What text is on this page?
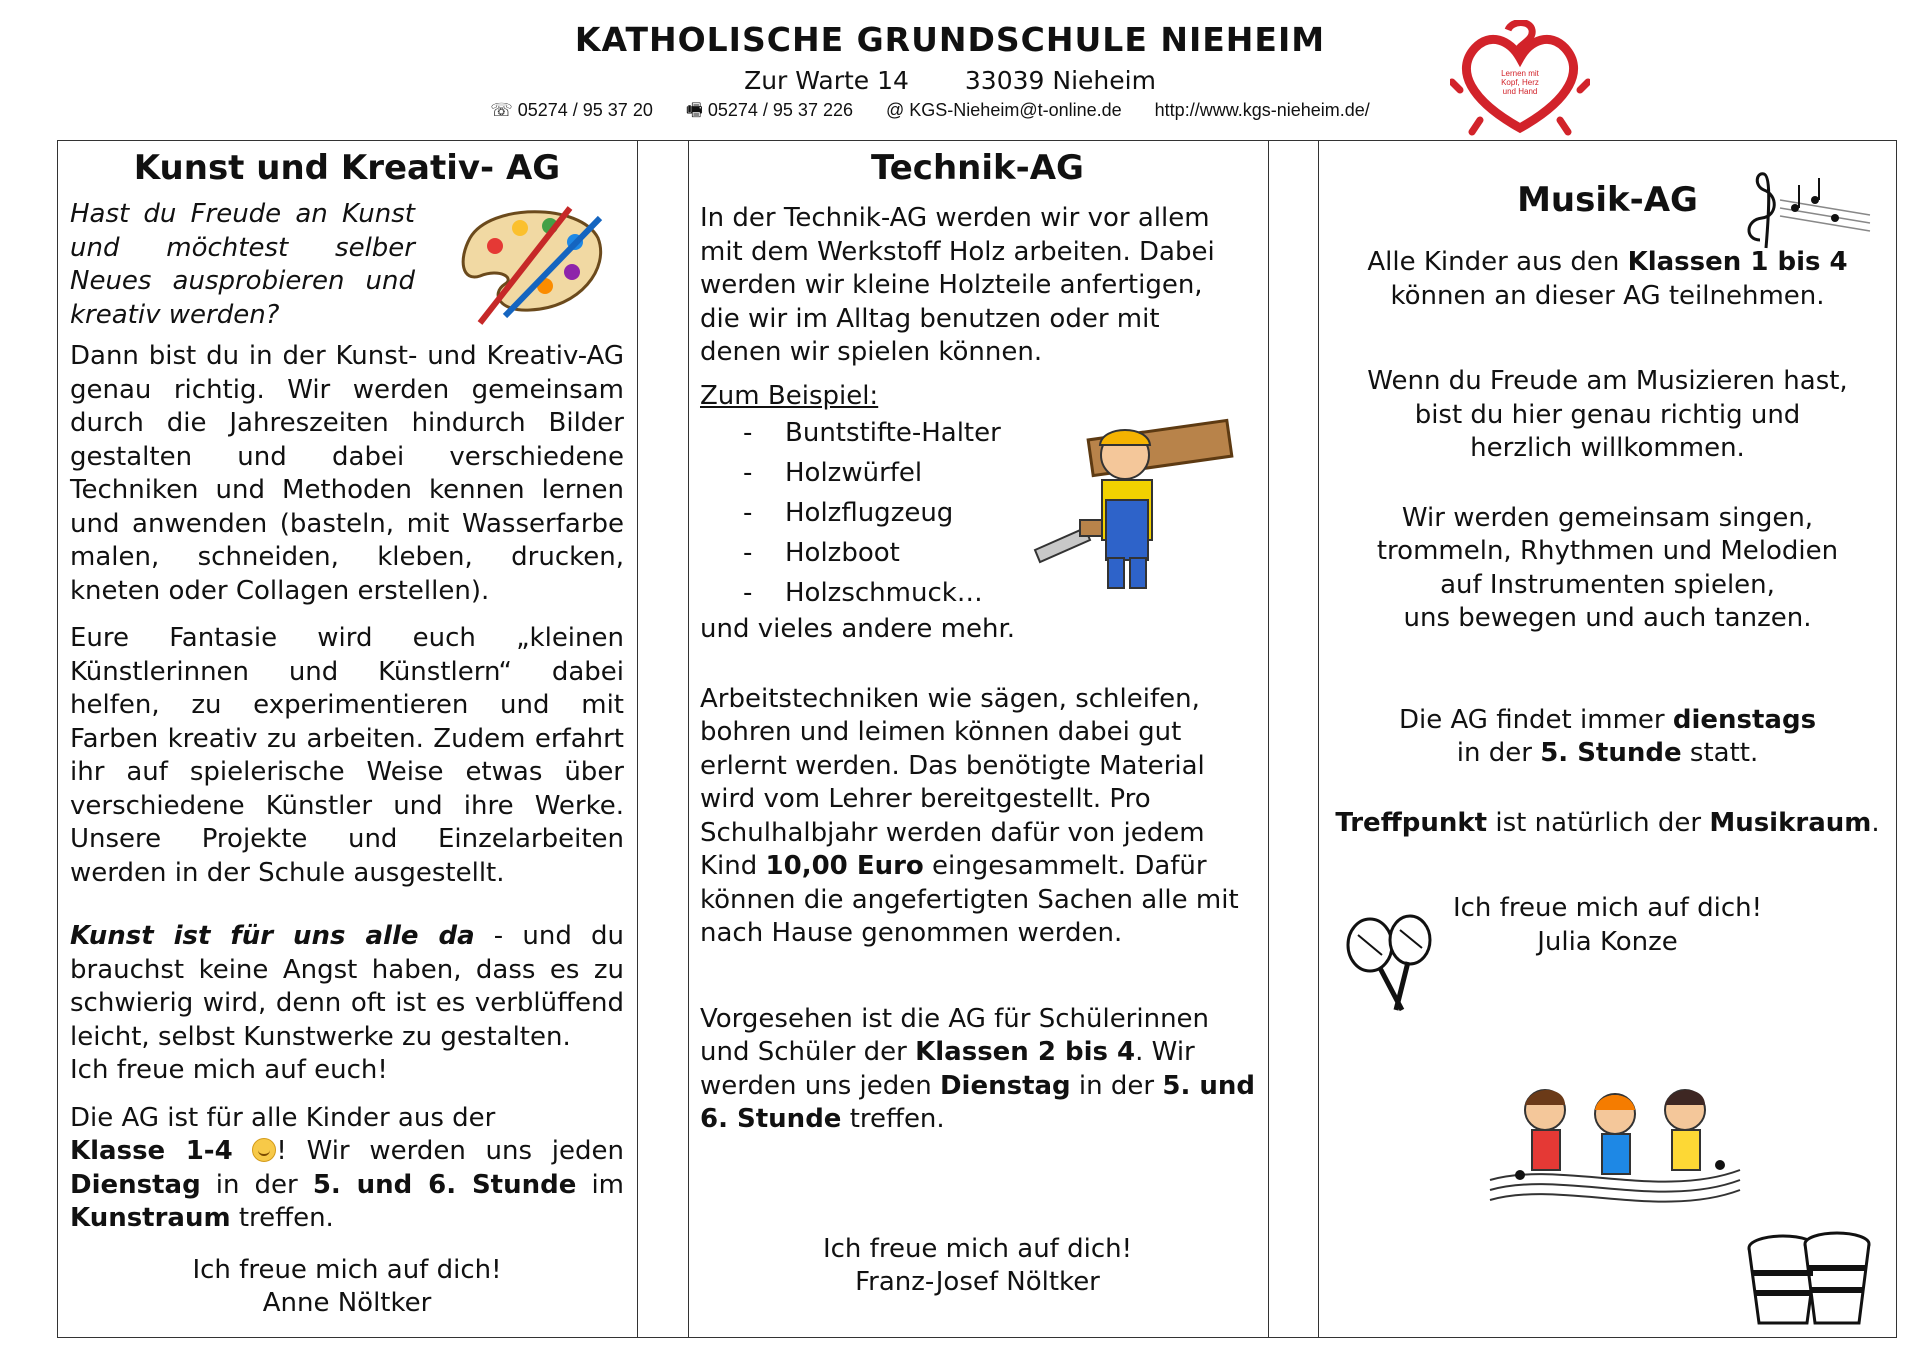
KATHOLISCHE GRUNDSCHULE NIEHEIM
Zur Warte 14 33039 Nieheim
☏ 05274 / 95 37 20 🖷 05274 / 95 37 226 @ KGS-Nieheim@t-online.de http://www.kgs-nieheim.de/
Lernen mit
Kopf, Herz
und Hand
Kunst und Kreativ- AG

Hast du Freude an Kunst und möchtest selber Neues ausprobieren und kreativ werden?

Dann bist du in der Kunst- und Kreativ-AG genau richtig. Wir werden gemeinsam durch die Jahreszeiten hindurch Bilder gestalten und dabei verschiedene Techniken und Methoden kennen lernen und anwenden (basteln, mit Wasserfarbe malen, schneiden, kleben, drucken, kneten oder Collagen erstellen).

Eure Fantasie wird euch „kleinen Künstlerinnen und Künstlern“ dabei helfen, zu experimentieren und mit Farben kreativ zu arbeiten. Zudem erfahrt ihr auf spielerische Weise etwas über verschiedene Künstler und ihre Werke. Unsere Projekte und Einzelarbeiten werden in der Schule ausgestellt.

Kunst ist für uns alle da - und du brauchst keine Angst haben, dass es zu schwierig wird, denn oft ist es verblüffend leicht, selbst Kunstwerke zu gestalten.

Ich freue mich auf euch!

Die AG ist für alle Kinder aus der

Klasse 1-4 ! Wir werden uns jeden Dienstag in der 5. und 6. Stunde im Kunstraum treffen.

Ich freue mich auf dich!

Anne Nöltker

Technik-AG

In der Technik-AG werden wir vor allem mit dem Werkstoff Holz arbeiten. Dabei werden wir kleine Holzteile anfertigen, die wir im Alltag benutzen oder mit denen wir spielen können.

Zum Beispiel:

- Buntstifte-Halter
- Holzwürfel
- Holzflugzeug
- Holzboot
- Holzschmuck…

und vieles andere mehr.

Arbeitstechniken wie sägen, schleifen, bohren und leimen können dabei gut erlernt werden. Das benötigte Material wird vom Lehrer bereitgestellt. Pro Schulhalbjahr werden dafür von jedem Kind 10,00 Euro eingesammelt. Dafür können die angefertigten Sachen alle mit nach Hause genommen werden.

Vorgesehen ist die AG für Schülerinnen und Schüler der Klassen 2 bis 4. Wir werden uns jeden Dienstag in der 5. und 6. Stunde treffen.

Ich freue mich auf dich!

Franz-Josef Nöltker

Musik-AG

Alle Kinder aus den Klassen 1 bis 4 können an dieser AG teilnehmen.

Wenn du Freude am Musizieren hast,

bist du hier genau richtig und

herzlich willkommen.

Wir werden gemeinsam singen,

trommeln, Rhythmen und Melodien

auf Instrumenten spielen,

uns bewegen und auch tanzen.

Die AG findet immer dienstags

in der 5. Stunde statt.

Treffpunkt ist natürlich der Musikraum.

Ich freue mich auf dich!

Julia Konze
